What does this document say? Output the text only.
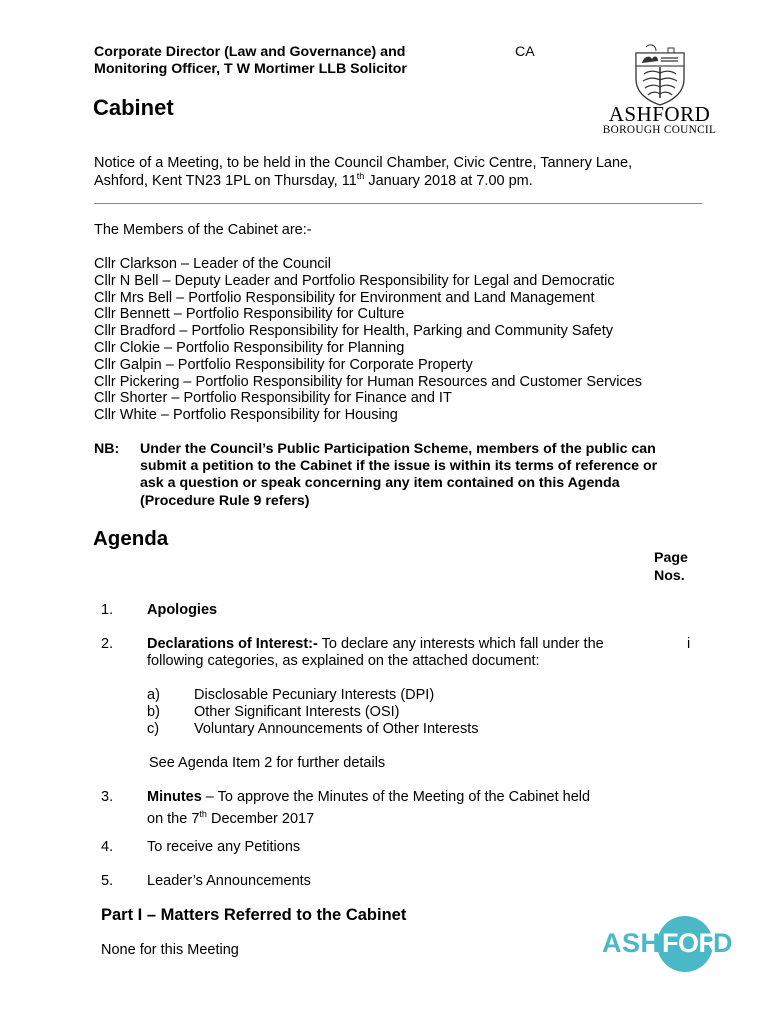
Corporate Director (Law and Governance) and
Monitoring Officer, T W Mortimer LLB Solicitor
CA
ASHFORD
BOROUGH COUNCIL
Cabinet
Notice of a Meeting, to be held in the Council Chamber, Civic Centre, Tannery Lane,
Ashford, Kent TN23 1PL on Thursday, 11th January 2018 at 7.00 pm.
The Members of the Cabinet are:-
Cllr Clarkson – Leader of the Council
Cllr N Bell – Deputy Leader and Portfolio Responsibility for Legal and Democratic
Cllr Mrs Bell – Portfolio Responsibility for Environment and Land Management
Cllr Bennett – Portfolio Responsibility for Culture
Cllr Bradford – Portfolio Responsibility for Health, Parking and Community Safety
Cllr Clokie – Portfolio Responsibility for Planning
Cllr Galpin – Portfolio Responsibility for Corporate Property
Cllr Pickering – Portfolio Responsibility for Human Resources and Customer Services
Cllr Shorter – Portfolio Responsibility for Finance and IT
Cllr White – Portfolio Responsibility for Housing
NB: Under the Council’s Public Participation Scheme, members of the public can
submit a petition to the Cabinet if the issue is within its terms of reference or
ask a question or speak concerning any item contained on this Agenda
(Procedure Rule 9 refers)
Agenda
Page
Nos.
1. Apologies
2. Declarations of Interest:- To declare any interests which fall under the
following categories, as explained on the attached document:
i
a) Disclosable Pecuniary Interests (DPI)
b) Other Significant Interests (OSI)
c) Voluntary Announcements of Other Interests
See Agenda Item 2 for further details
3. Minutes – To approve the Minutes of the Meeting of the Cabinet held
on the 7th December 2017
4. To receive any Petitions
5. Leader’s Announcements
Part I – Matters Referred to the Cabinet
None for this Meeting	ASH FOR
D
